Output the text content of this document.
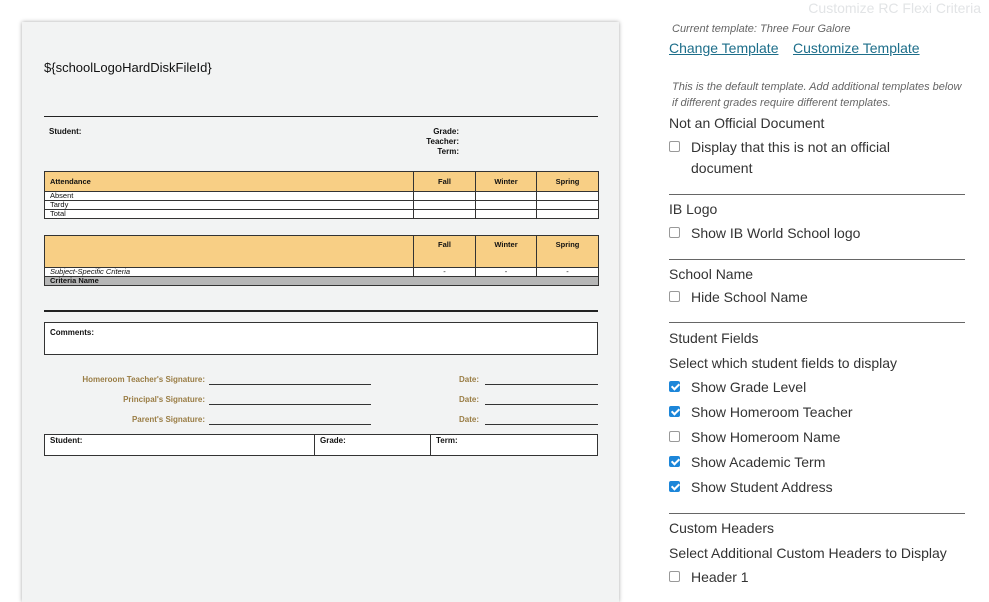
Customize RC Flexi Criteria
${schoolLogoHardDiskFileId}
Student:	Grade:
Teacher:
Term:
Attendance	Fall	Winter	Spring
Absent			
Tardy			
Total			
	Fall	Winter	Spring
Subject-Specific Criteria	-	-	-
Criteria Name			
Comments:
Homeroom Teacher's Signature:	Date:
Principal's Signature:	Date:
Parent's Signature:	Date:
Student:	Grade:	Term:
Current template: Three Four Galore
Change Template Customize Template
This is the default template. Add additional templates below if different grades require different templates.
Not an Official Document
Display that this is not an official
document
IB Logo
Show IB World School logo
School Name
Hide School Name
Student Fields
Select which student fields to display
Show Grade Level
Show Homeroom Teacher
Show Homeroom Name
Show Academic Term
Show Student Address
Custom Headers
Select Additional Custom Headers to Display
Header 1
